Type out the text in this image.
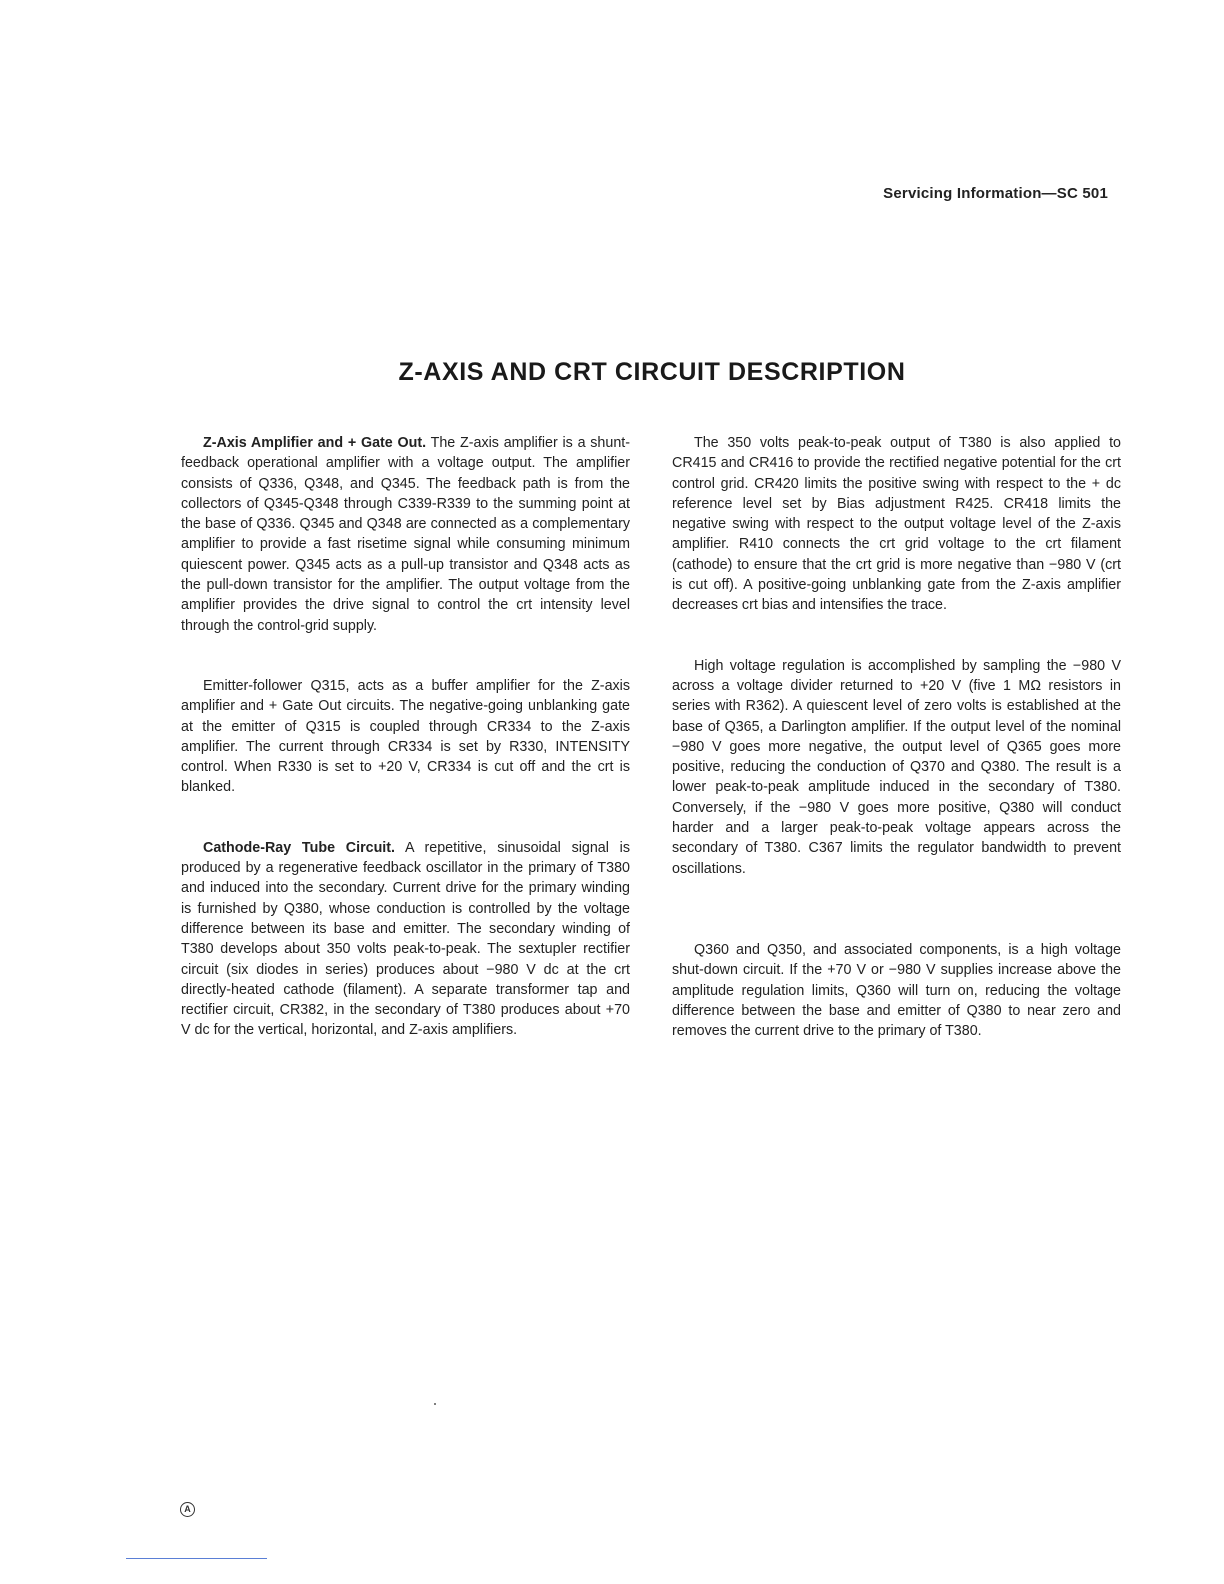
Servicing Information—SC 501
Z-AXIS AND CRT CIRCUIT DESCRIPTION

Z-Axis Amplifier and + Gate Out. The Z-axis amplifier is a shunt-feedback operational amplifier with a voltage output. The amplifier consists of Q336, Q348, and Q345. The feedback path is from the collectors of Q345-Q348 through C339-R339 to the summing point at the base of Q336. Q345 and Q348 are connected as a complementary amplifier to provide a fast risetime signal while consuming minimum quiescent power. Q345 acts as a pull-up transistor and Q348 acts as the pull-down transistor for the amplifier. The output voltage from the amplifier provides the drive signal to control the crt intensity level through the control-grid supply.

Emitter-follower Q315, acts as a buffer amplifier for the Z-axis amplifier and + Gate Out circuits. The negative-going unblanking gate at the emitter of Q315 is coupled through CR334 to the Z-axis amplifier. The current through CR334 is set by R330, INTENSITY control. When R330 is set to +20 V, CR334 is cut off and the crt is blanked.

Cathode-Ray Tube Circuit. A repetitive, sinusoidal signal is produced by a regenerative feedback oscillator in the primary of T380 and induced into the secondary. Current drive for the primary winding is furnished by Q380, whose conduction is controlled by the voltage difference between its base and emitter. The secondary winding of T380 develops about 350 volts peak-to-peak. The sextupler rectifier circuit (six diodes in series) produces about −980 V dc at the crt directly-heated cathode (filament). A separate transformer tap and rectifier circuit, CR382, in the secondary of T380 produces about +70 V dc for the vertical, horizontal, and Z-axis amplifiers.

The 350 volts peak-to-peak output of T380 is also applied to CR415 and CR416 to provide the rectified negative potential for the crt control grid. CR420 limits the positive swing with respect to the + dc reference level set by Bias adjustment R425. CR418 limits the negative swing with respect to the output voltage level of the Z-axis amplifier. R410 connects the crt grid voltage to the crt filament (cathode) to ensure that the crt grid is more negative than −980 V (crt is cut off). A positive-going unblanking gate from the Z-axis amplifier decreases crt bias and intensifies the trace.

High voltage regulation is accomplished by sampling the −980 V across a voltage divider returned to +20 V (five 1 MΩ resistors in series with R362). A quiescent level of zero volts is established at the base of Q365, a Darlington amplifier. If the output level of the nominal −980 V goes more negative, the output level of Q365 goes more positive, reducing the conduction of Q370 and Q380. The result is a lower peak-to-peak amplitude induced in the secondary of T380. Conversely, if the −980 V goes more positive, Q380 will conduct harder and a larger peak-to-peak voltage appears across the secondary of T380. C367 limits the regulator bandwidth to prevent oscillations.

Q360 and Q350, and associated components, is a high voltage shut-down circuit. If the +70 V or −980 V supplies increase above the amplitude regulation limits, Q360 will turn on, reducing the voltage difference between the base and emitter of Q380 to near zero and removes the current drive to the primary of T380.

A
